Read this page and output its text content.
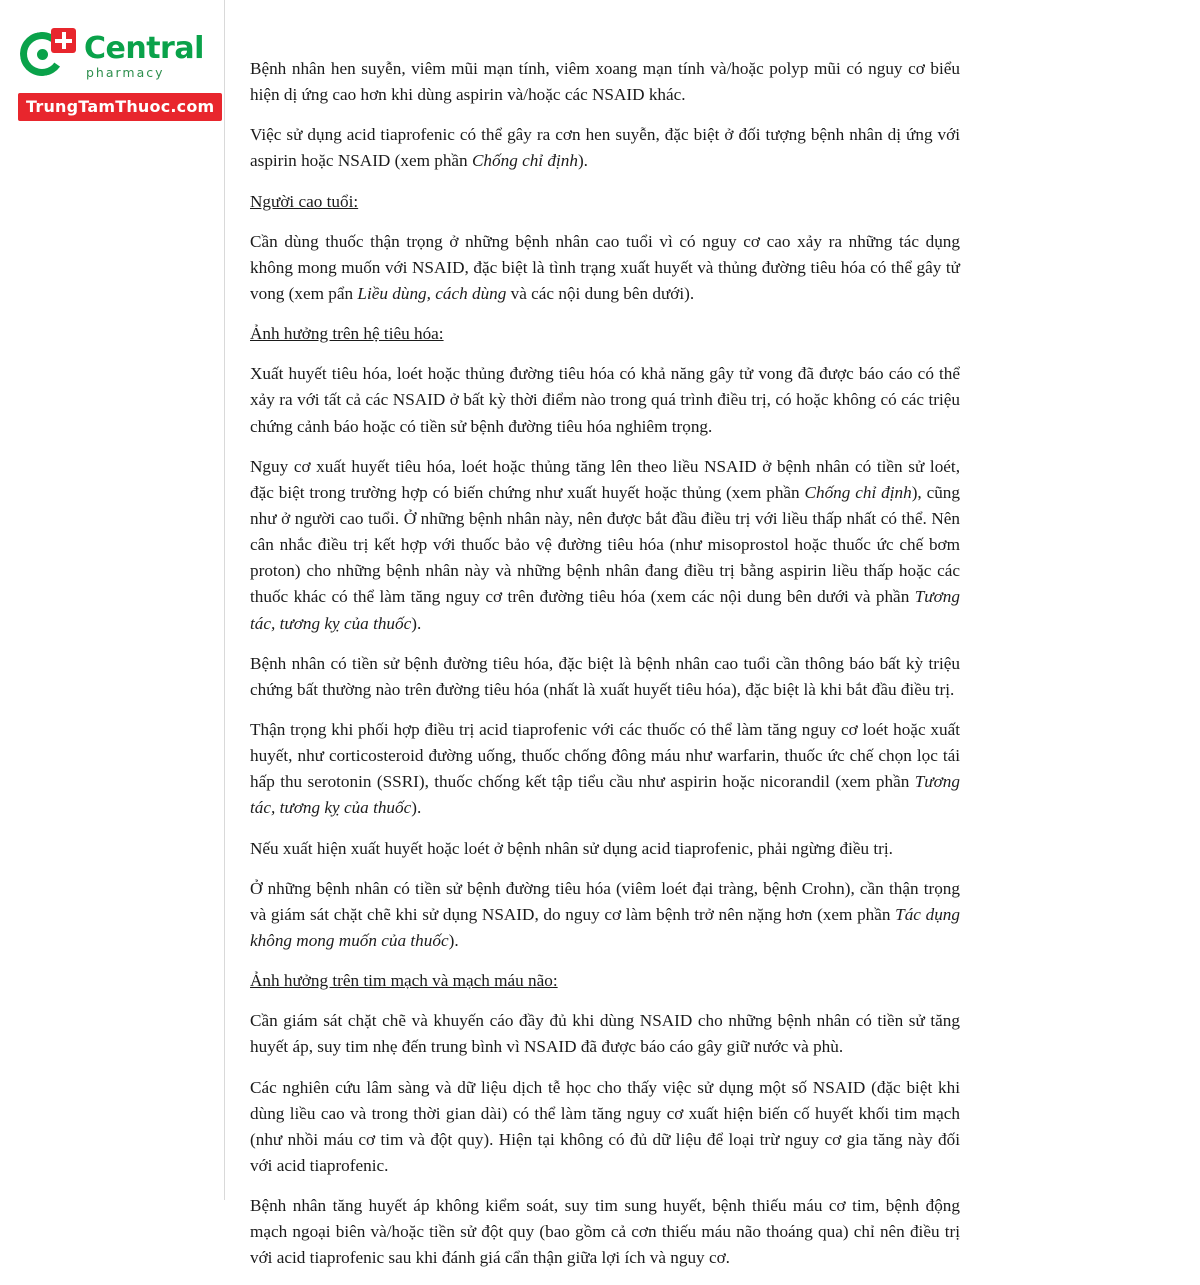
Central
pharmacy
TrungTamThuoc.com

Bệnh nhân hen suyễn, viêm mũi mạn tính, viêm xoang mạn tính và/hoặc polyp mũi có nguy cơ biểu hiện dị ứng cao hơn khi dùng aspirin và/hoặc các NSAID khác.

Việc sử dụng acid tiaprofenic có thể gây ra cơn hen suyễn, đặc biệt ở đối tượng bệnh nhân dị ứng với aspirin hoặc NSAID (xem phần Chống chỉ định).

Người cao tuổi:

Cần dùng thuốc thận trọng ở những bệnh nhân cao tuổi vì có nguy cơ cao xảy ra những tác dụng không mong muốn với NSAID, đặc biệt là tình trạng xuất huyết và thủng đường tiêu hóa có thể gây tử vong (xem pẩn Liều dùng, cách dùng và các nội dung bên dưới).

Ảnh hưởng trên hệ tiêu hóa:

Xuất huyết tiêu hóa, loét hoặc thủng đường tiêu hóa có khả năng gây tử vong đã được báo cáo có thể xảy ra với tất cả các NSAID ở bất kỳ thời điểm nào trong quá trình điều trị, có hoặc không có các triệu chứng cảnh báo hoặc có tiền sử bệnh đường tiêu hóa nghiêm trọng.

Nguy cơ xuất huyết tiêu hóa, loét hoặc thủng tăng lên theo liều NSAID ở bệnh nhân có tiền sử loét, đặc biệt trong trường hợp có biến chứng như xuất huyết hoặc thủng (xem phần Chống chỉ định), cũng như ở người cao tuổi. Ở những bệnh nhân này, nên được bắt đầu điều trị với liều thấp nhất có thể. Nên cân nhắc điều trị kết hợp với thuốc bảo vệ đường tiêu hóa (như misoprostol hoặc thuốc ức chế bơm proton) cho những bệnh nhân này và những bệnh nhân đang điều trị bằng aspirin liều thấp hoặc các thuốc khác có thể làm tăng nguy cơ trên đường tiêu hóa (xem các nội dung bên dưới và phần Tương tác, tương kỵ của thuốc).

Bệnh nhân có tiền sử bệnh đường tiêu hóa, đặc biệt là bệnh nhân cao tuổi cần thông báo bất kỳ triệu chứng bất thường nào trên đường tiêu hóa (nhất là xuất huyết tiêu hóa), đặc biệt là khi bắt đầu điều trị.

Thận trọng khi phối hợp điều trị acid tiaprofenic với các thuốc có thể làm tăng nguy cơ loét hoặc xuất huyết, như corticosteroid đường uống, thuốc chống đông máu như warfarin, thuốc ức chế chọn lọc tái hấp thu serotonin (SSRI), thuốc chống kết tập tiểu cầu như aspirin hoặc nicorandil (xem phần Tương tác, tương kỵ của thuốc).

Nếu xuất hiện xuất huyết hoặc loét ở bệnh nhân sử dụng acid tiaprofenic, phải ngừng điều trị.

Ở những bệnh nhân có tiền sử bệnh đường tiêu hóa (viêm loét đại tràng, bệnh Crohn), cần thận trọng và giám sát chặt chẽ khi sử dụng NSAID, do nguy cơ làm bệnh trở nên nặng hơn (xem phần Tác dụng không mong muốn của thuốc).

Ảnh hưởng trên tim mạch và mạch máu não:

Cần giám sát chặt chẽ và khuyến cáo đầy đủ khi dùng NSAID cho những bệnh nhân có tiền sử tăng huyết áp, suy tim nhẹ đến trung bình vì NSAID đã được báo cáo gây giữ nước và phù.

Các nghiên cứu lâm sàng và dữ liệu dịch tễ học cho thấy việc sử dụng một số NSAID (đặc biệt khi dùng liều cao và trong thời gian dài) có thể làm tăng nguy cơ xuất hiện biến cố huyết khối tim mạch (như nhồi máu cơ tim và đột quy). Hiện tại không có đủ dữ liệu để loại trừ nguy cơ gia tăng này đối với acid tiaprofenic.

Bệnh nhân tăng huyết áp không kiểm soát, suy tim sung huyết, bệnh thiếu máu cơ tim, bệnh động mạch ngoại biên và/hoặc tiền sử đột quy (bao gồm cả cơn thiếu máu não thoáng qua) chỉ nên điều trị với acid tiaprofenic sau khi đánh giá cẩn thận giữa lợi ích và nguy cơ.
